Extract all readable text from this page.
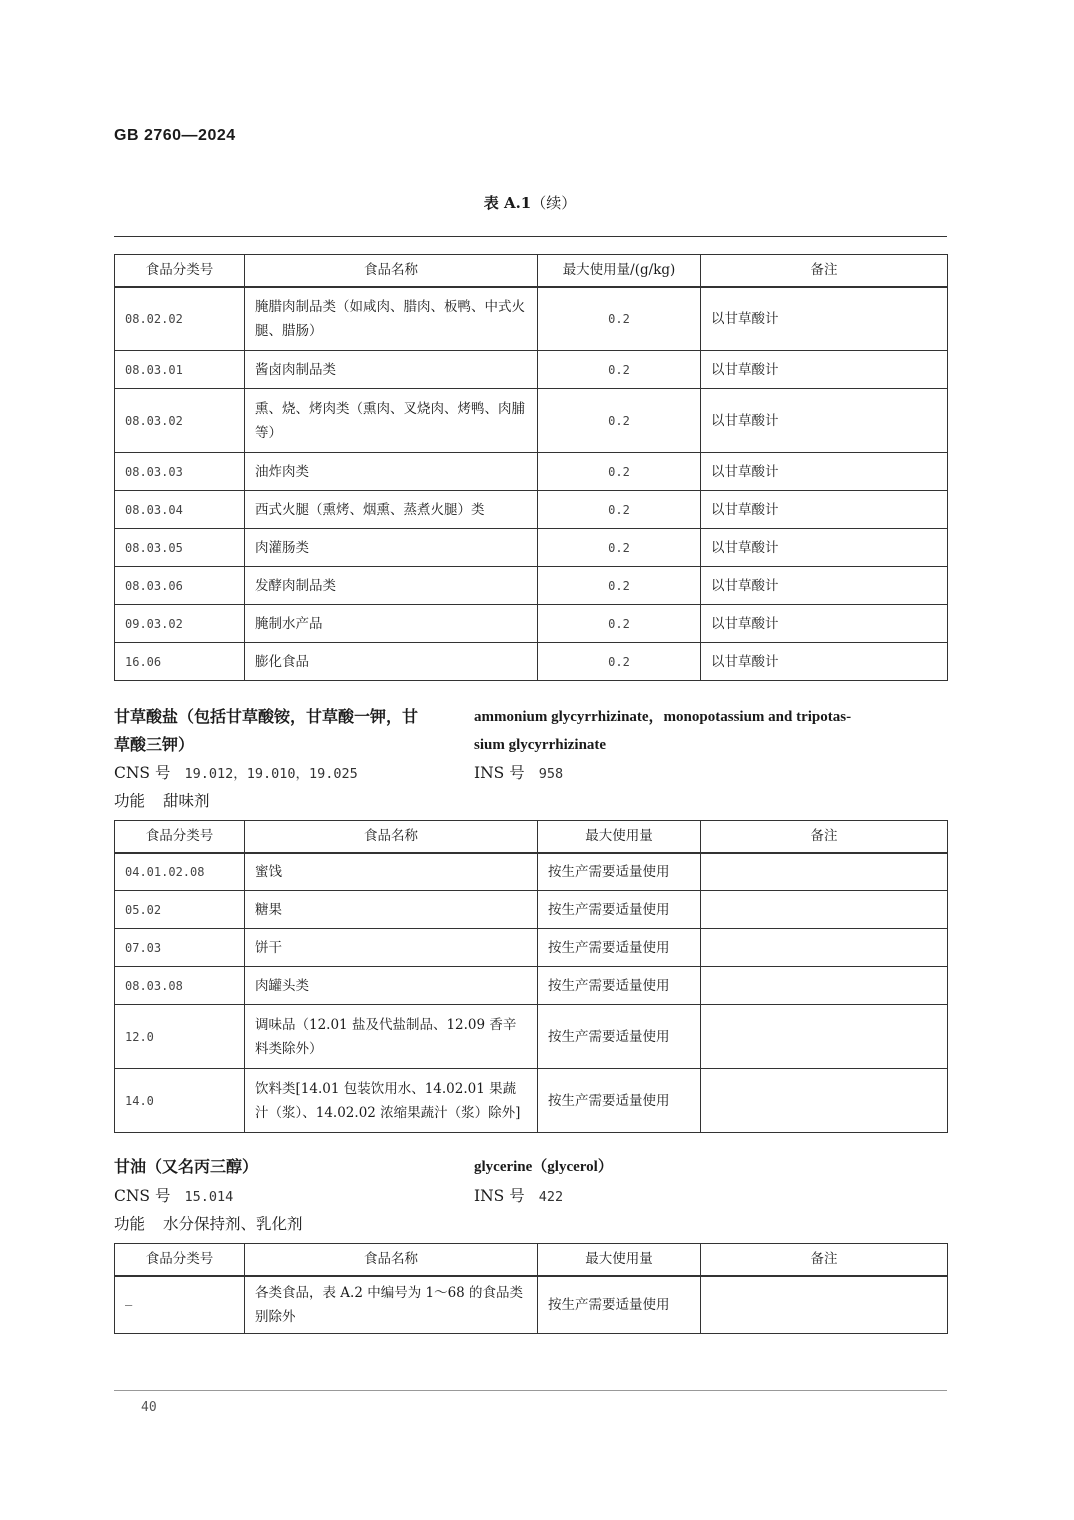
GB 2760—2024
表 A.1（续）
食品分类号	食品名称	最大使用量/(g/kg)	备注
08.02.02	腌腊肉制品类（如咸肉、腊肉、板鸭、中式火腿、腊肠）	0.2	以甘草酸计
08.03.01	酱卤肉制品类	0.2	以甘草酸计
08.03.02	熏、烧、烤肉类（熏肉、叉烧肉、烤鸭、肉脯等）	0.2	以甘草酸计
08.03.03	油炸肉类	0.2	以甘草酸计
08.03.04	西式火腿（熏烤、烟熏、蒸煮火腿）类	0.2	以甘草酸计
08.03.05	肉灌肠类	0.2	以甘草酸计
08.03.06	发酵肉制品类	0.2	以甘草酸计
09.03.02	腌制水产品	0.2	以甘草酸计
16.06	膨化食品	0.2	以甘草酸计
甘草酸盐（包括甘草酸铵，甘草酸一钾，甘
草酸三钾）
ammonium glycyrrhizinate，monopotassium and tripotas-
sium glycyrrhizinate
CNS 号 19.012，19.010，19.025	INS 号 958
功能 甜味剂
食品分类号	食品名称	最大使用量	备注
04.01.02.08	蜜饯	按生产需要适量使用	
05.02	糖果	按生产需要适量使用	
07.03	饼干	按生产需要适量使用	
08.03.08	肉罐头类	按生产需要适量使用	
12.0	调味品（12.01 盐及代盐制品、12.09 香辛料类除外）	按生产需要适量使用	
14.0	饮料类[14.01 包装饮用水、14.02.01 果蔬汁（浆）、14.02.02 浓缩果蔬汁（浆）除外]	按生产需要适量使用	
甘油（又名丙三醇）	glycerine（glycerol）
CNS 号 15.014	INS 号 422
功能 水分保持剂、乳化剂
食品分类号	食品名称	最大使用量	备注
—	各类食品，表 A.2 中编号为 1～68 的食品类别除外	按生产需要适量使用	
40
